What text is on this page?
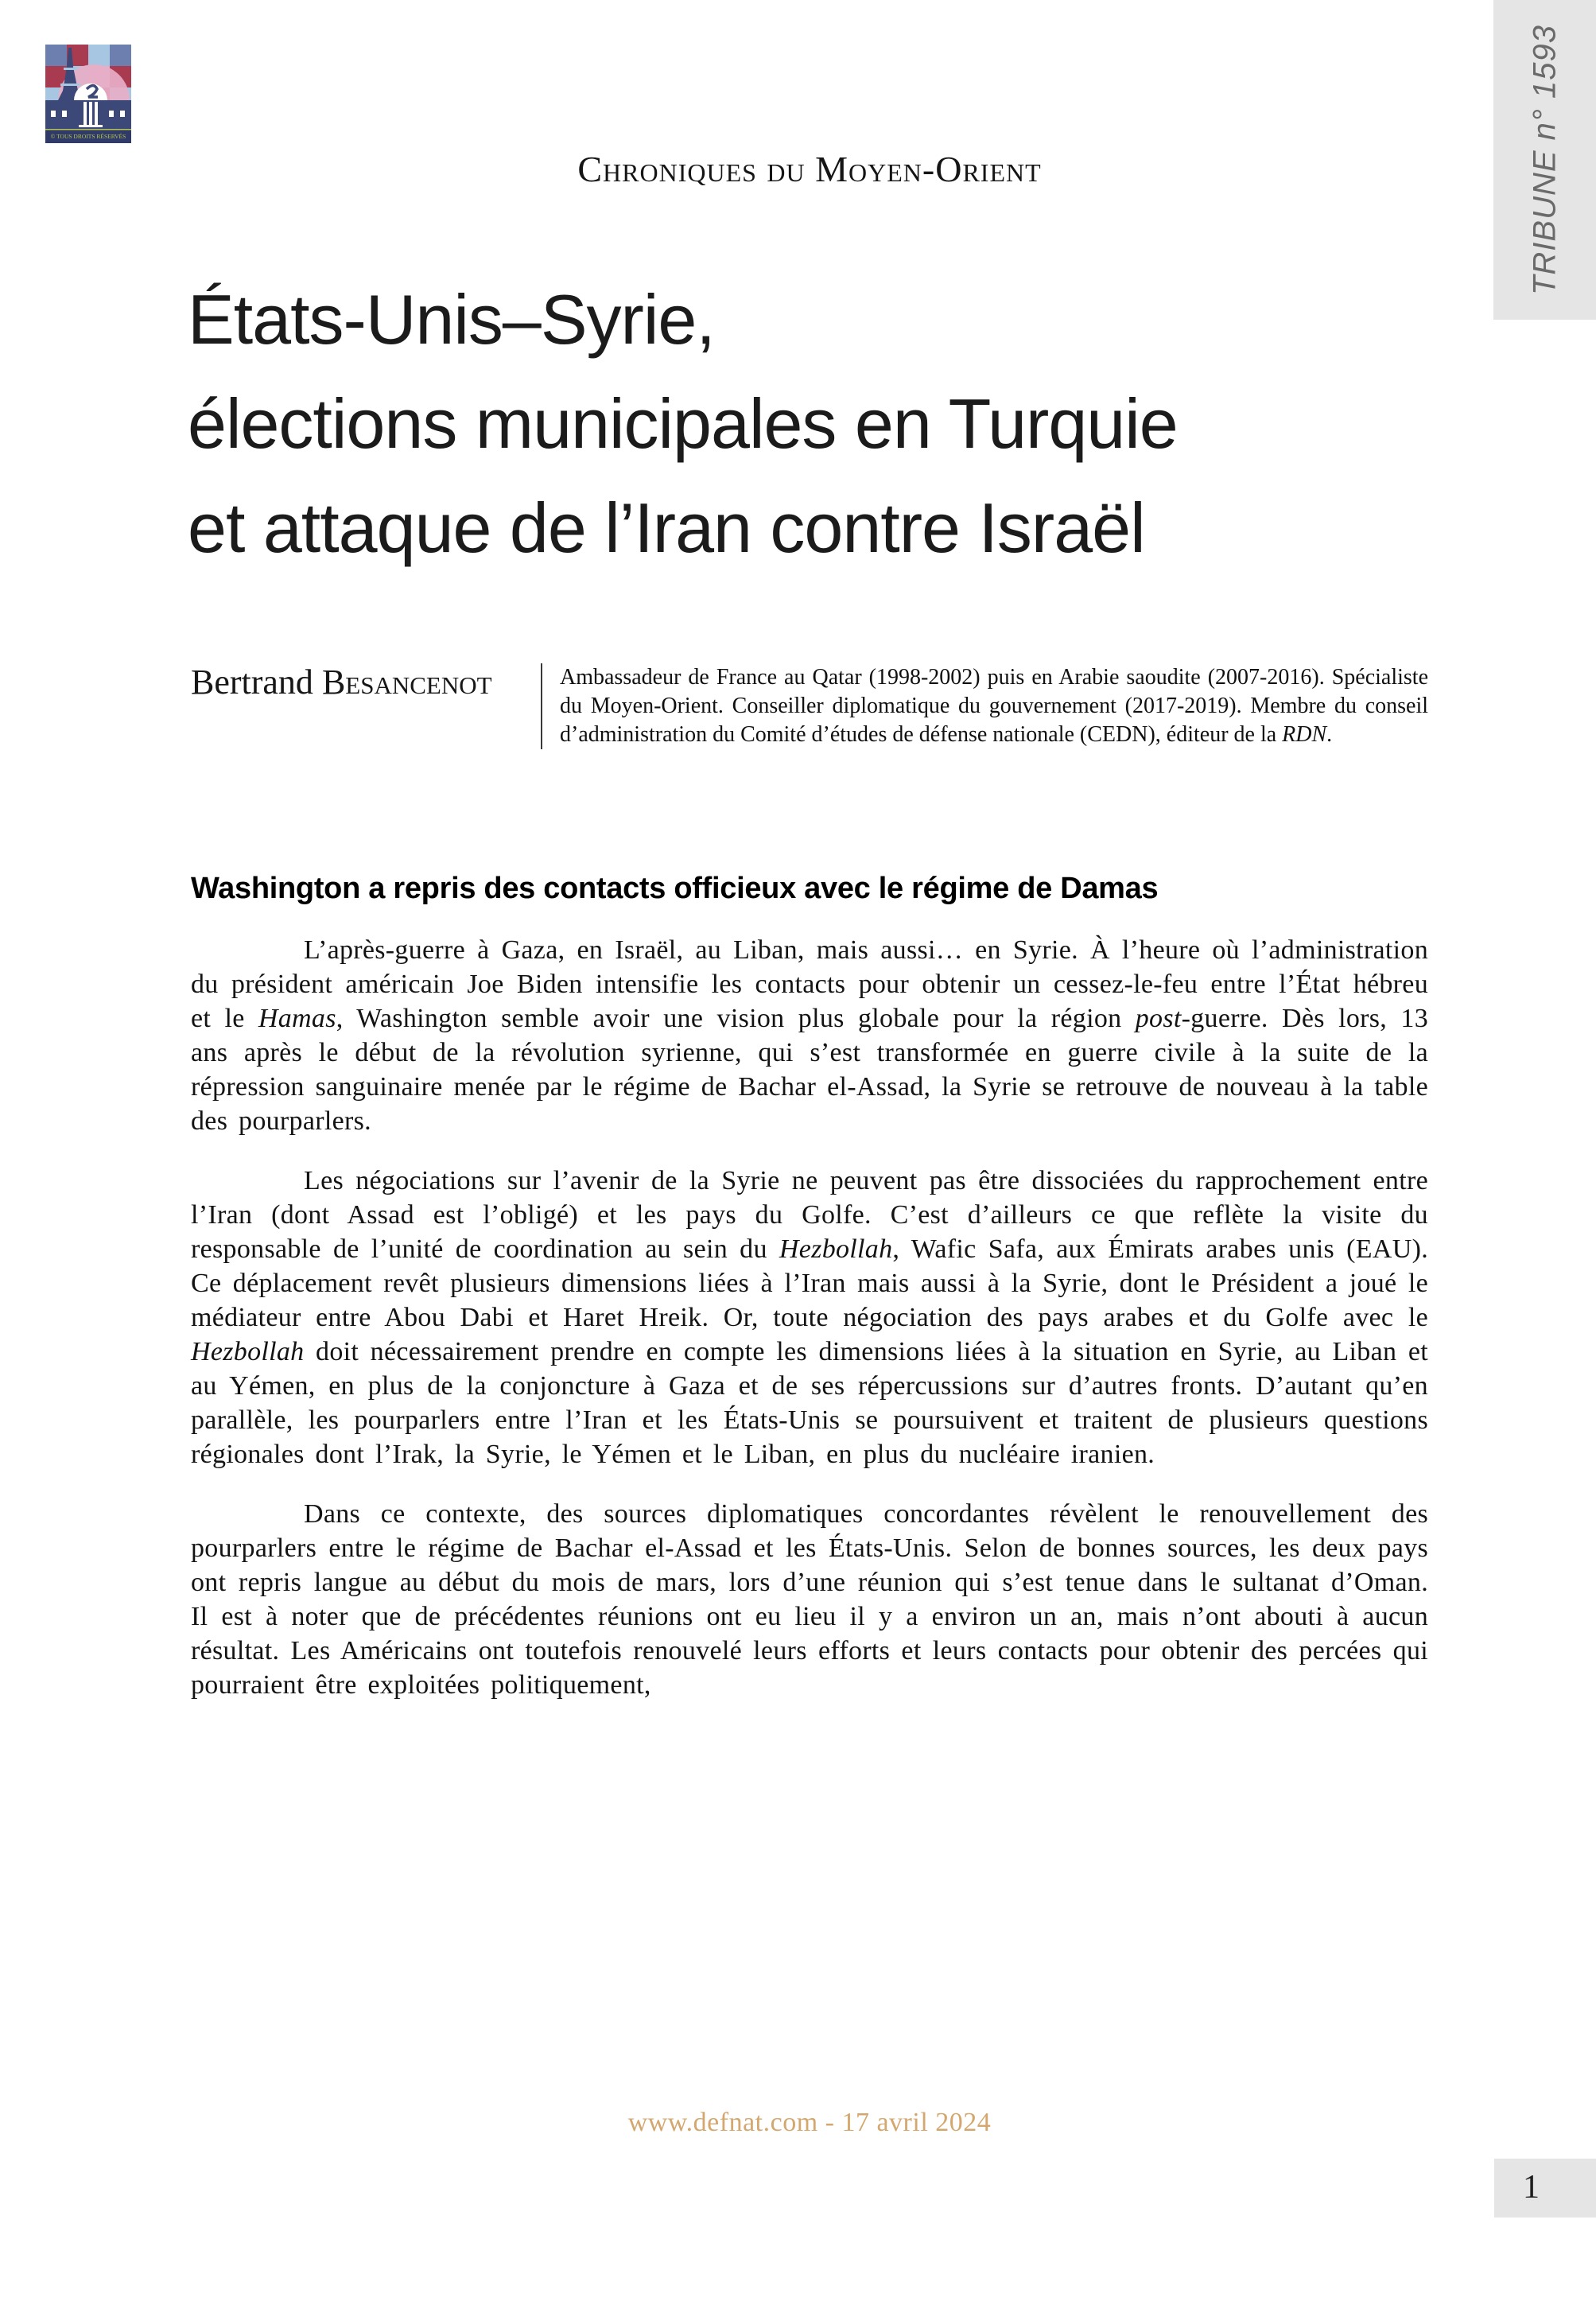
© TOUS DROITS RÉSERVÉS	TRIBUNE n° 1593
Chroniques du Moyen-Orient
États-Unis–Syrie,
élections municipales en Turquie
et attaque de l’Iran contre Israël
Bertrand Besancenot	Ambassadeur de France au Qatar (1998-2002) puis en Arabie saoudite (2007-2016). Spécialiste du Moyen-Orient. Conseiller diplomatique du gouvernement (2017-2019). Membre du conseil d’administration du Comité d’études de défense nationale (CEDN), éditeur de la RDN.
Washington a repris des contacts officieux avec le régime de Damas

L’après-guerre à Gaza, en Israël, au Liban, mais aussi… en Syrie. À l’heure où l’administration du président américain Joe Biden intensifie les contacts pour obtenir un cessez-le-feu entre l’État hébreu et le Hamas, Washington semble avoir une vision plus globale pour la région post-guerre. Dès lors, 13 ans après le début de la révolution syrienne, qui s’est transformée en guerre civile à la suite de la répression sanguinaire menée par le régime de Bachar el-Assad, la Syrie se retrouve de nouveau à la table des pourparlers.

Les négociations sur l’avenir de la Syrie ne peuvent pas être dissociées du rapprochement entre l’Iran (dont Assad est l’obligé) et les pays du Golfe. C’est d’ailleurs ce que reflète la visite du responsable de l’unité de coordination au sein du Hezbollah, Wafic Safa, aux Émirats arabes unis (EAU). Ce déplacement revêt plusieurs dimensions liées à l’Iran mais aussi à la Syrie, dont le Président a joué le médiateur entre Abou Dabi et Haret Hreik. Or, toute négociation des pays arabes et du Golfe avec le Hezbollah doit nécessairement prendre en compte les dimensions liées à la situation en Syrie, au Liban et au Yémen, en plus de la conjoncture à Gaza et de ses répercussions sur d’autres fronts. D’autant qu’en parallèle, les pourparlers entre l’Iran et les États-Unis se poursuivent et traitent de plusieurs questions régionales dont l’Irak, la Syrie, le Yémen et le Liban, en plus du nucléaire iranien.

Dans ce contexte, des sources diplomatiques concordantes révèlent le renouvellement des pourparlers entre le régime de Bachar el-Assad et les États-Unis. Selon de bonnes sources, les deux pays ont repris langue au début du mois de mars, lors d’une réunion qui s’est tenue dans le sultanat d’Oman. Il est à noter que de précédentes réunions ont eu lieu il y a environ un an, mais n’ont abouti à aucun résultat. Les Américains ont toutefois renouvelé leurs efforts et leurs contacts pour obtenir des percées qui pourraient être exploitées politiquement,

www.defnat.com - 17 avril 2024
1
